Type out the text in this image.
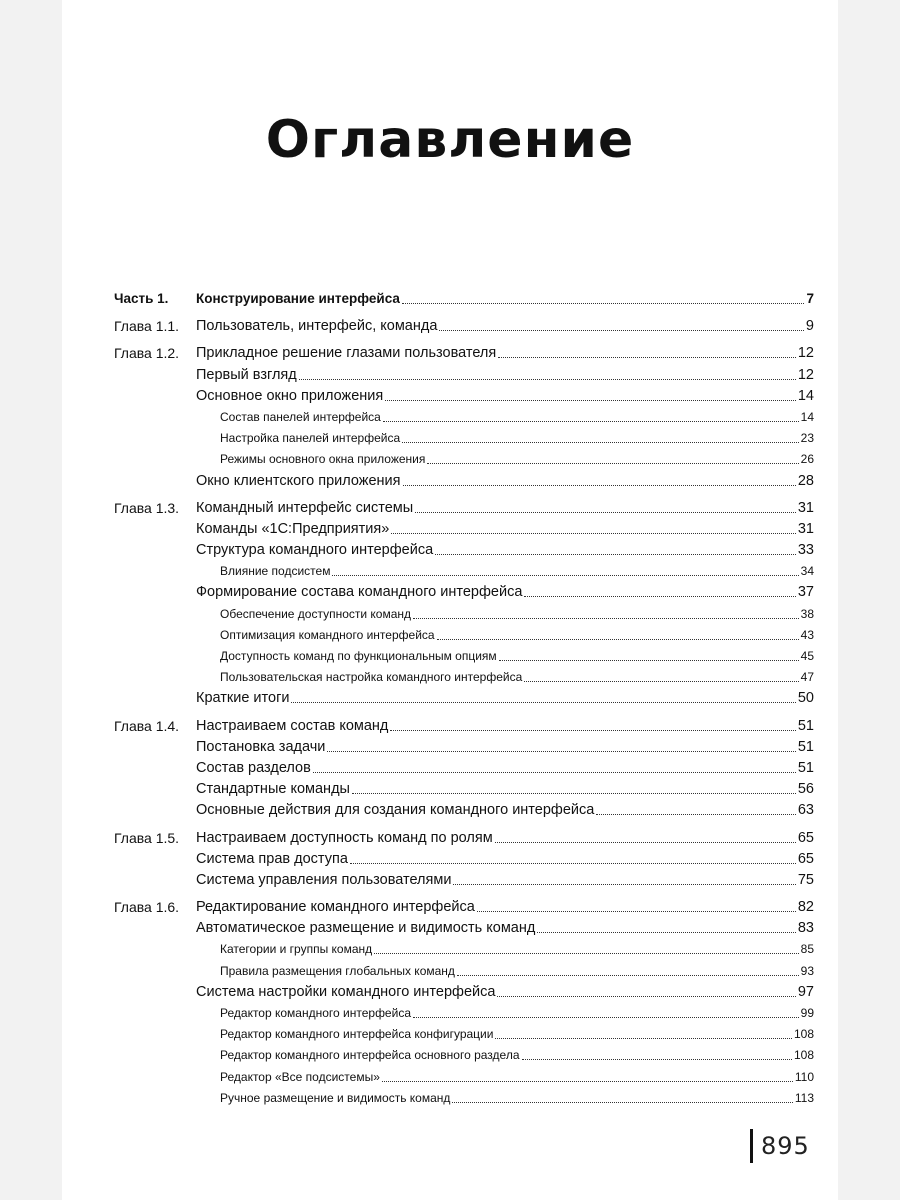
Оглавление
Часть 1.	Конструирование интерфейса	7
Глава 1.1.	Пользователь, интерфейс, команда	9
Глава 1.2.	Прикладное решение глазами пользователя	12
Первый взгляд	12
Основное окно приложения	14
Состав панелей интерфейса	14
Настройка панелей интерфейса	23
Режимы основного окна приложения	26
Окно клиентского приложения	28
Глава 1.3.	Командный интерфейс системы	31
Команды «1С:Предприятия»	31
Структура командного интерфейса	33
Влияние подсистем	34
Формирование состава командного интерфейса	37
Обеспечение доступности команд	38
Оптимизация командного интерфейса	43
Доступность команд по функциональным опциям	45
Пользовательская настройка командного интерфейса	47
Краткие итоги	50
Глава 1.4.	Настраиваем состав команд	51
Постановка задачи	51
Состав разделов	51
Стандартные команды	56
Основные действия для создания командного интерфейса	63
Глава 1.5.	Настраиваем доступность команд по ролям	65
Система прав доступа	65
Система управления пользователями	75
Глава 1.6.	Редактирование командного интерфейса	82
Автоматическое размещение и видимость команд	83
Категории и группы команд	85
Правила размещения глобальных команд	93
Система настройки командного интерфейса	97
Редактор командного интерфейса	99
Редактор командного интерфейса конфигурации	108
Редактор командного интерфейса основного раздела	108
Редактор «Все подсистемы»	110
Ручное размещение и видимость команд	113
895
